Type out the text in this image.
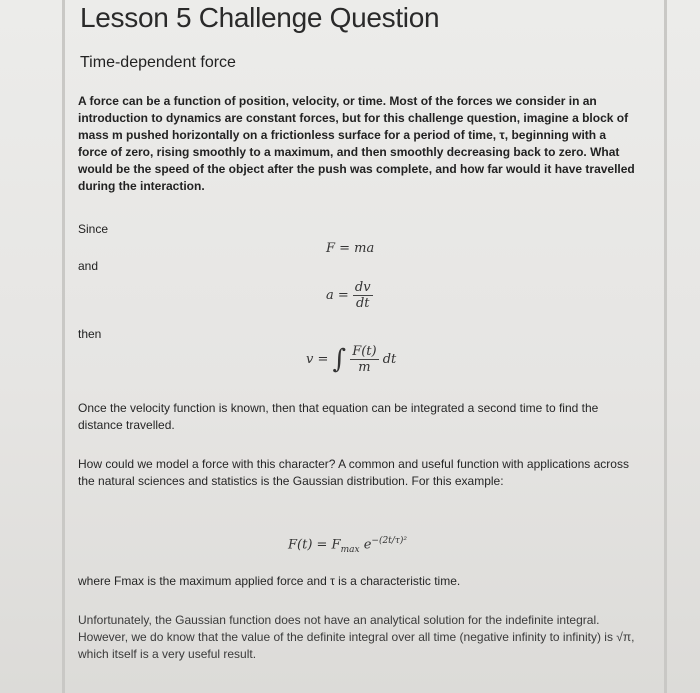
Lesson 5 Challenge Question
Time-dependent force
A force can be a function of position, velocity, or time. Most of the forces we consider in an introduction to dynamics are constant forces, but for this challenge question, imagine a block of mass m pushed horizontally on a frictionless surface for a period of time, τ, beginning with a force of zero, rising smoothly to a maximum, and then smoothly decreasing back to zero. What would be the speed of the object after the push was complete, and how far would it have travelled during the interaction.
Since
F = ma
and
$a = \frac{dv}{dt}$
then
v = ∫ $\frac{F(t)}{m}$ dt
Once the velocity function is known, then that equation can be integrated a second time to find the distance travelled.
How could we model a force with this character? A common and useful function with applications across the natural sciences and statistics is the Gaussian distribution. For this example:
$F(t) = F_{max}$ $e^{-(2t/\tau)^2}$
where Fmax is the maximum applied force and τ is a characteristic time.
Unfortunately, the Gaussian function does not have an analytical solution for the indefinite integral. However, we do know that the value of the definite integral over all time (negative infinity to infinity) is √π, which itself is a very useful result.
